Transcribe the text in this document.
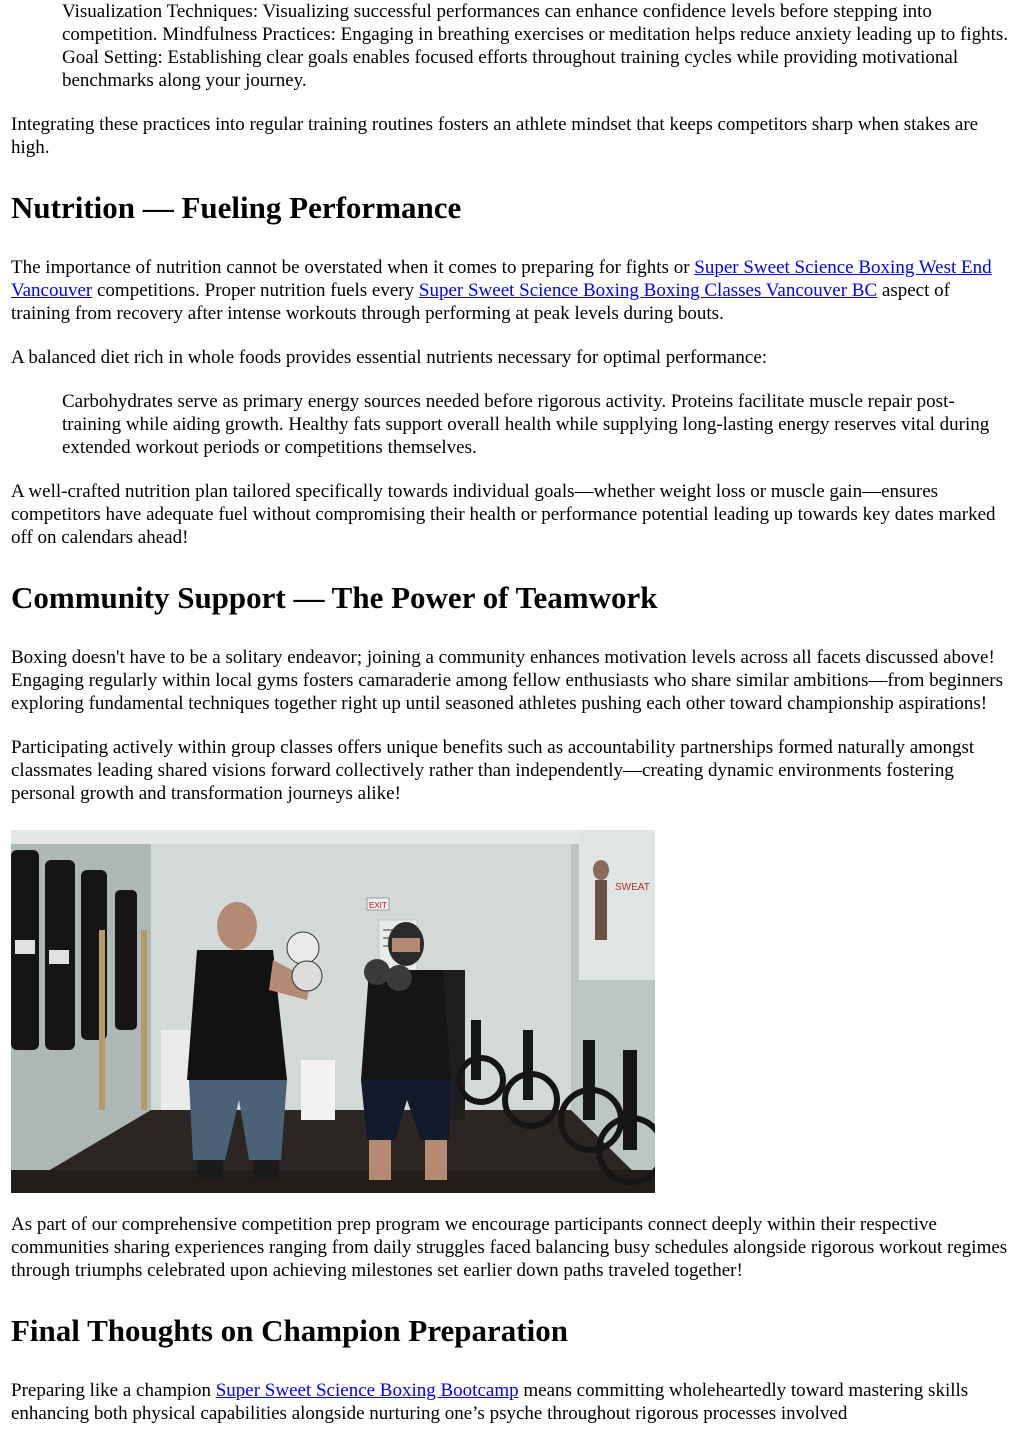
Visualization Techniques: Visualizing successful performances can enhance confidence levels before stepping into competition. Mindfulness Practices: Engaging in breathing exercises or meditation helps reduce anxiety leading up to fights. Goal Setting: Establishing clear goals enables focused efforts throughout training cycles while providing motivational benchmarks along your journey.

Integrating these practices into regular training routines fosters an athlete mindset that keeps competitors sharp when stakes are high.

Nutrition — Fueling Performance

The importance of nutrition cannot be overstated when it comes to preparing for fights or Super Sweet Science Boxing West End Vancouver competitions. Proper nutrition fuels every Super Sweet Science Boxing Boxing Classes Vancouver BC aspect of training from recovery after intense workouts through performing at peak levels during bouts.

A balanced diet rich in whole foods provides essential nutrients necessary for optimal performance:

Carbohydrates serve as primary energy sources needed before rigorous activity. Proteins facilitate muscle repair post-training while aiding growth. Healthy fats support overall health while supplying long-lasting energy reserves vital during extended workout periods or competitions themselves.

A well-crafted nutrition plan tailored specifically towards individual goals—whether weight loss or muscle gain—ensures competitors have adequate fuel without compromising their health or performance potential leading up towards key dates marked off on calendars ahead!

Community Support — The Power of Teamwork

Boxing doesn't have to be a solitary endeavor; joining a community enhances motivation levels across all facets discussed above! Engaging regularly within local gyms fosters camaraderie among fellow enthusiasts who share similar ambitions—from beginners exploring fundamental techniques together right up until seasoned athletes pushing each other toward championship aspirations!

Participating actively within group classes offers unique benefits such as accountability partnerships formed naturally amongst classmates leading shared visions forward collectively rather than independently—creating dynamic environments fostering personal growth and transformation journeys alike!

EXIT
SWEAT

As part of our comprehensive competition prep program we encourage participants connect deeply within their respective communities sharing experiences ranging from daily struggles faced balancing busy schedules alongside rigorous workout regimes through triumphs celebrated upon achieving milestones set earlier down paths traveled together!

Final Thoughts on Champion Preparation

Preparing like a champion Super Sweet Science Boxing Bootcamp means committing wholeheartedly toward mastering skills enhancing both physical capabilities alongside nurturing one’s psyche throughout rigorous processes involved
